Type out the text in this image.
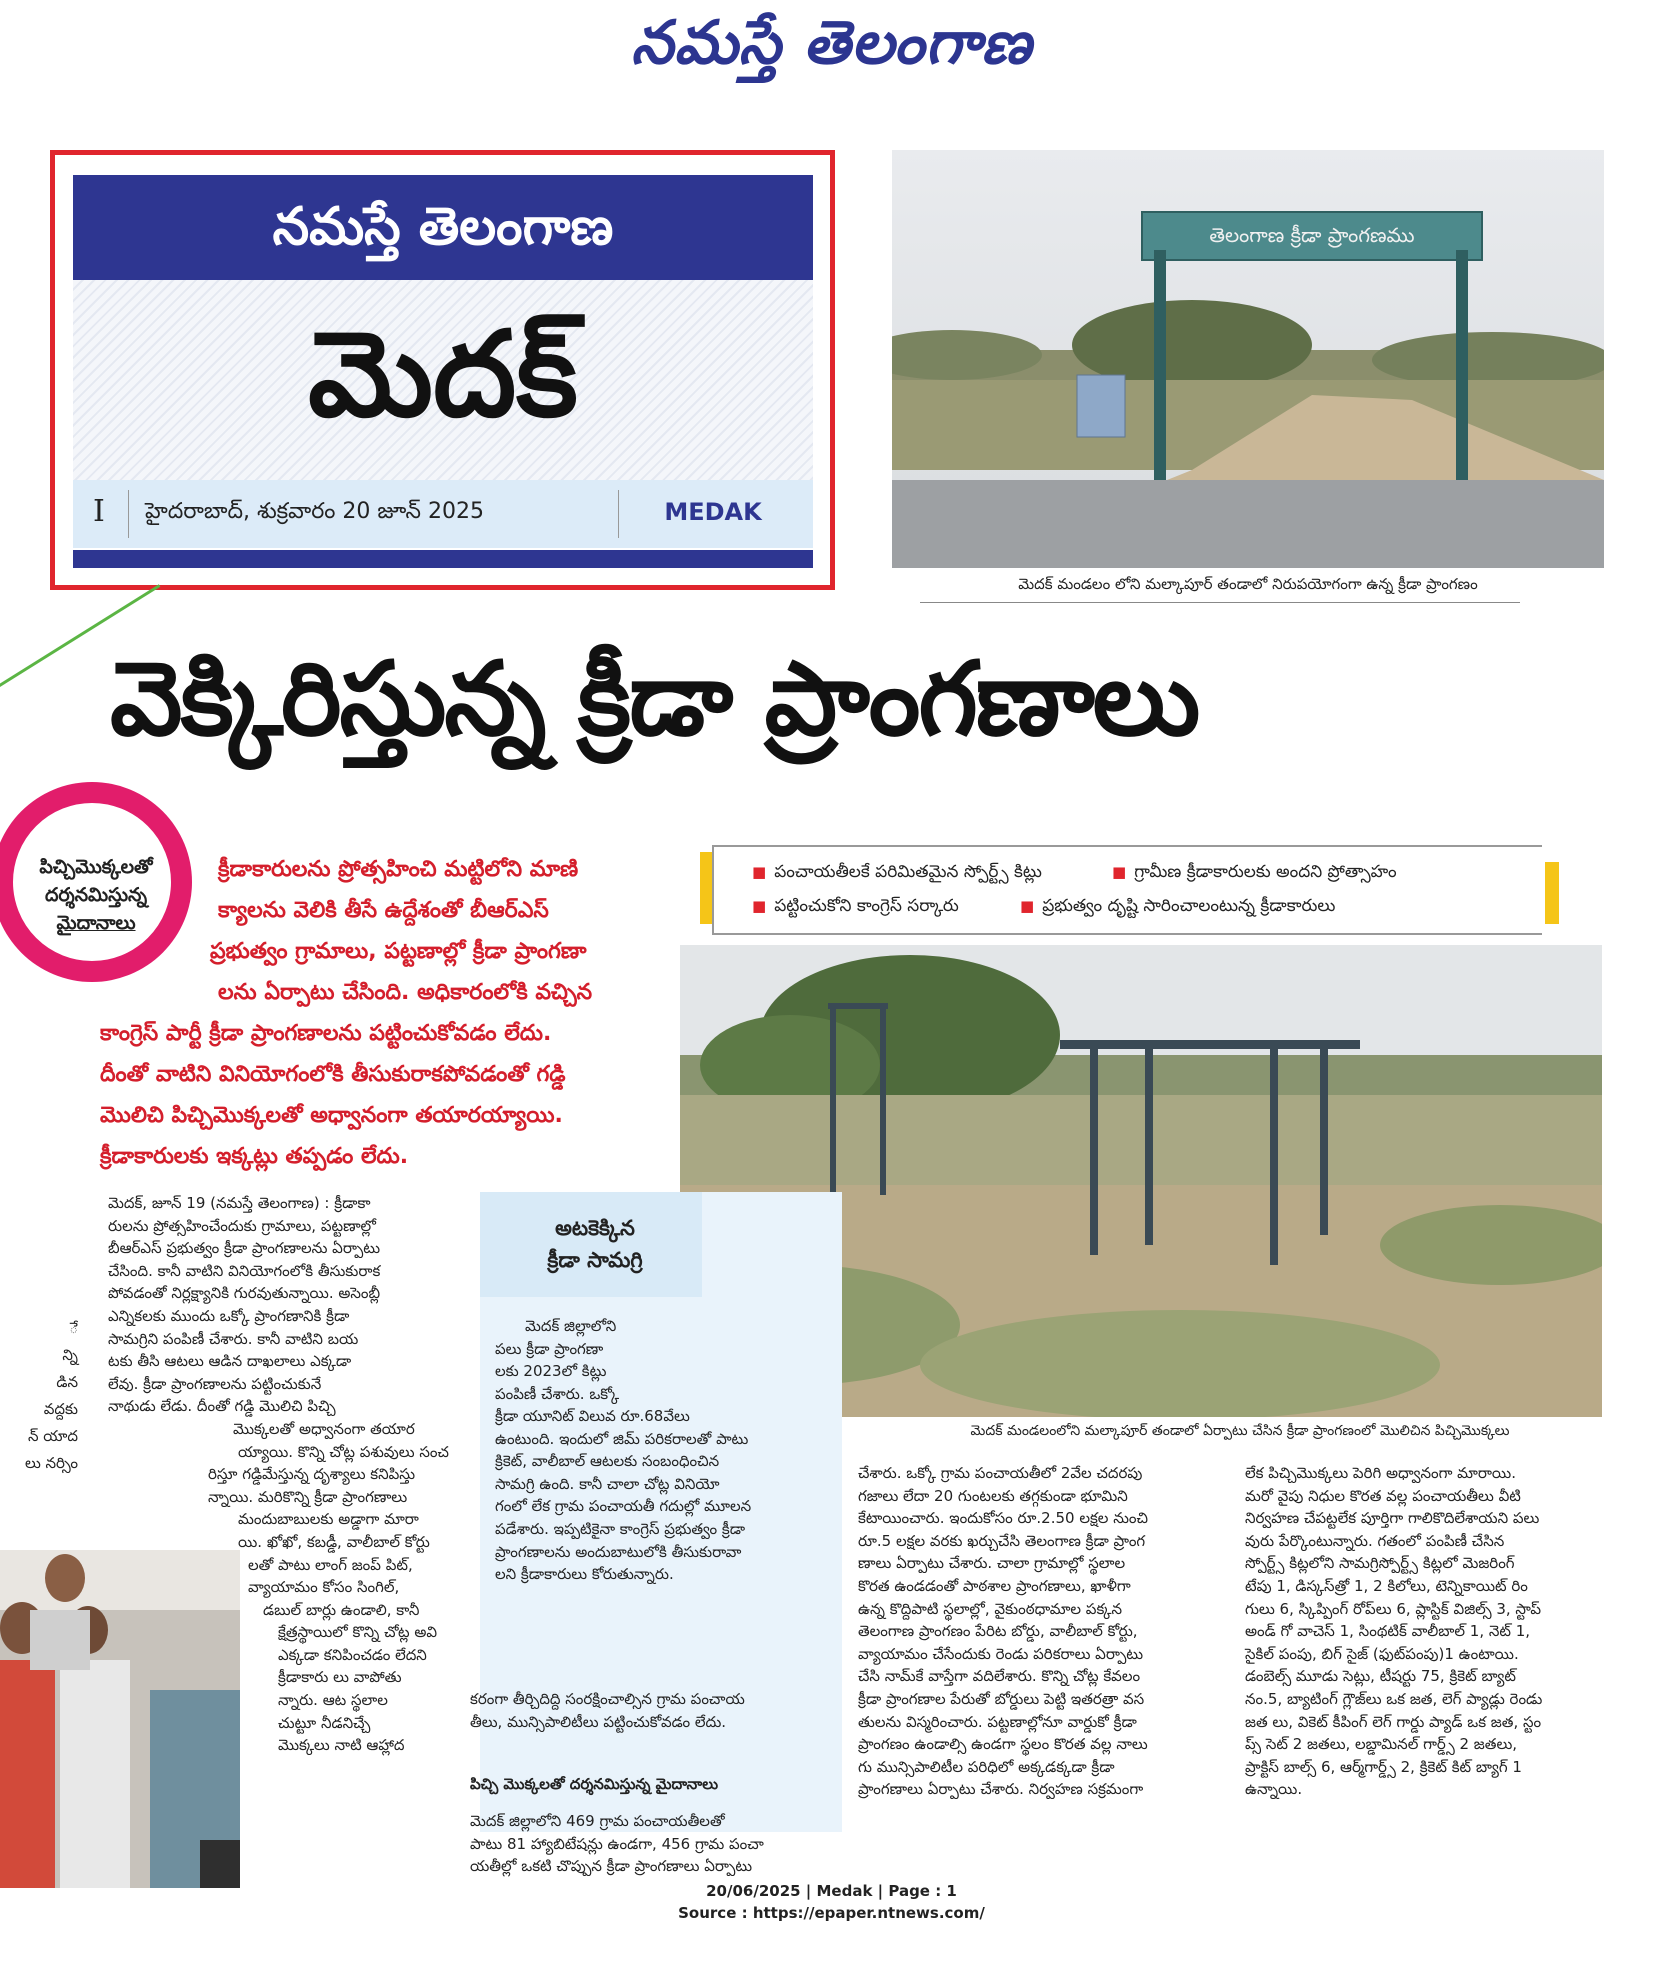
నమస్తే తెలంగాణ
నమస్తే తెలంగాణ
మెదక్
I హైదరాబాద్, శుక్రవారం 20 జూన్ 2025	MEDAK
తెలంగాణ క్రీడా ప్రాంగణము
మెదక్ మండలం లోని మల్కాపూర్ తండాలో నిరుపయోగంగా ఉన్న క్రీడా ప్రాంగణం
వెక్కిరిస్తున్న క్రీడా ప్రాంగణాలు
పిచ్చిమొక్కలతో
దర్శనమిస్తున్న
మైదానాలు
క్రీడాకారులను ప్రోత్సహించి మట్టిలోని మాణి
క్యాలను వెలికి తీసే ఉద్దేశంతో బీఆర్ఎస్
ప్రభుత్వం గ్రామాలు, పట్టణాల్లో క్రీడా ప్రాంగణా
లను ఏర్పాటు చేసింది. అధికారంలోకి వచ్చిన
కాంగ్రెస్ పార్టీ క్రీడా ప్రాంగణాలను పట్టించుకోవడం లేదు.
దీంతో వాటిని వినియోగంలోకి తీసుకురాకపోవడంతో గడ్డి
మొలిచి పిచ్చిమొక్కలతో అధ్వానంగా తయారయ్యాయి.
క్రీడాకారులకు ఇక్కట్లు తప్పడం లేదు.
■ పంచాయతీలకే పరిమితమైన స్పోర్ట్స్ కిట్లు	■ గ్రామీణ క్రీడాకారులకు అందని ప్రోత్సాహం
■ పట్టించుకోని కాంగ్రెస్ సర్కారు	■ ప్రభుత్వం దృష్టి సారించాలంటున్న క్రీడాకారులు
మెదక్ మండలంలోని మల్కాపూర్ తండాలో ఏర్పాటు చేసిన క్రీడా ప్రాంగణంలో మొలిచిన పిచ్చిమొక్కలు
ే
న్ని
డిన
వద్దకు
న్ యాద
లు నర్సిం

మెదక్, జూన్ 19 (నమస్తే తెలంగాణ) : క్రీడాకా

రులను ప్రోత్సహించేందుకు గ్రామాలు, పట్టణాల్లో

బీఆర్ఎస్ ప్రభుత్వం క్రీడా ప్రాంగణాలను ఏర్పాటు

చేసింది. కానీ వాటిని వినియోగంలోకి తీసుకురాక

పోవడంతో నిర్లక్ష్యానికి గురవుతున్నాయి. అసెంబ్లీ

ఎన్నికలకు ముందు ఒక్కో ప్రాంగణానికి క్రీడా

సామగ్రిని పంపిణీ చేశారు. కానీ వాటిని బయ

టకు తీసి ఆటలు ఆడిన దాఖలాలు ఎక్కడా

లేవు. క్రీడా ప్రాంగణాలను పట్టించుకునే

నాథుడు లేడు. దీంతో గడ్డి మొలిచి పిచ్చి

మొక్కలతో అధ్వానంగా తయార

య్యాయి. కొన్ని చోట్ల పశువులు సంచ

రిస్తూ గడ్డిమేస్తున్న దృశ్యాలు కనిపిస్తు

న్నాయి. మరికొన్ని క్రీడా ప్రాంగణాలు

మందుబాబులకు అడ్డాగా మారా

యి. ఖోఖో, కబడ్డీ, వాలీబాల్ కోర్టు

లతో పాటు లాంగ్ జంప్ పిట్,

వ్యాయామం కోసం సింగిల్,

డబుల్ బార్లు ఉండాలి, కానీ

క్షేత్రస్థాయిలో కొన్ని చోట్ల అవి

ఎక్కడా కనిపించడం లేదని

క్రీడాకారు లు వాపోతు

న్నారు. ఆట స్థలాల

చుట్టూ నీడనిచ్చే

మొక్కలు నాటి ఆహ్లాద

అటకెక్కిన
క్రీడా సామగ్రి

మెదక్ జిల్లాలోని

పలు క్రీడా ప్రాంగణా

లకు 2023లో కిట్లు

పంపిణీ చేశారు. ఒక్కో

క్రీడా యూనిట్ విలువ రూ.68వేలు

ఉంటుంది. ఇందులో జిమ్ పరికరాలతో పాటు

క్రికెట్, వాలీబాల్ ఆటలకు సంబంధించిన

సామగ్రి ఉంది. కానీ చాలా చోట్ల వినియో

గంలో లేక గ్రామ పంచాయతీ గదుల్లో మూలన

పడేశారు. ఇప్పటికైనా కాంగ్రెస్ ప్రభుత్వం క్రీడా

ప్రాంగణాలను అందుబాటులోకి తీసుకురావా

లని క్రీడాకారులు కోరుతున్నారు.

కరంగా తీర్చిదిద్ది సంరక్షించాల్సిన గ్రామ పంచాయ

తీలు, మున్సిపాలిటీలు పట్టించుకోవడం లేదు.

పిచ్చి మొక్కలతో దర్శనమిస్తున్న మైదానాలు

మెదక్ జిల్లాలోని 469 గ్రామ పంచాయతీలతో

పాటు 81 హ్యాబిటేషన్లు ఉండగా, 456 గ్రామ పంచా

యతీల్లో ఒకటి చొప్పున క్రీడా ప్రాంగణాలు ఏర్పాటు

చేశారు. ఒక్కో గ్రామ పంచాయతీలో 2వేల చదరపు

గజాలు లేదా 20 గుంటలకు తగ్గకుండా భూమిని

కేటాయించారు. ఇందుకోసం రూ.2.50 లక్షల నుంచి

రూ.5 లక్షల వరకు ఖర్చుచేసి తెలంగాణ క్రీడా ప్రాంగ

ణాలు ఏర్పాటు చేశారు. చాలా గ్రామాల్లో స్థలాల

కొరత ఉండడంతో పాఠశాల ప్రాంగణాలు, ఖాళీగా

ఉన్న కొద్దిపాటి స్థలాల్లో, వైకుంఠధామాల పక్కన

తెలంగాణ ప్రాంగణం పేరిట బోర్డు, వాలీబాల్ కోర్టు,

వ్యాయామం చేసేందుకు రెండు పరికరాలు ఏర్పాటు

చేసి నామ్‌కే వాస్తేగా వదిలేశారు. కొన్ని చోట్ల కేవలం

క్రీడా ప్రాంగణాల పేరుతో బోర్డులు పెట్టి ఇతరత్రా వస

తులను విస్మరించారు. పట్టణాల్లోనూ వార్డుకో క్రీడా

ప్రాంగణం ఉండాల్సి ఉండగా స్థలం కొరత వల్ల నాలు

గు మున్సిపాలిటీల పరిధిలో అక్కడక్కడా క్రీడా

ప్రాంగణాలు ఏర్పాటు చేశారు. నిర్వహణ సక్రమంగా

లేక పిచ్చిమొక్కలు పెరిగి అధ్వానంగా మారాయి.

మరో వైపు నిధుల కొరత వల్ల పంచాయతీలు వీటి

నిర్వహణ చేపట్టలేక పూర్తిగా గాలికొదిలేశాయని పలు

వురు పేర్కొంటున్నారు. గతంలో పంపిణీ చేసిన

స్పోర్ట్స్ కిట్లలోని సామగ్రిస్పోర్ట్స్ కిట్లలో మెజరింగ్

టేపు 1, డిస్కస్‌త్రో 1, 2 కిలోలు, టెన్నికాయిట్ రిం

గులు 6, స్కిప్పింగ్ రోప్‌లు 6, ప్లాస్టిక్ విజిల్స్ 3, స్టాప్

అండ్ గో వాచెస్ 1, సింథటిక్ వాలీబాల్ 1, నెట్ 1,

సైకిల్ పంపు, బిగ్ సైజ్ (ఫుట్‌పంపు)1 ఉంటాయి.

డంబెల్స్ మూడు సెట్లు, టీషర్టు 75, క్రికెట్ బ్యాట్

నం.5, బ్యాటింగ్ గ్లౌజ్‌లు ఒక జత, లెగ్ ప్యాడ్లు రెండు

జత లు, వికెట్ కీపింగ్ లెగ్ గార్డు ప్యాడ్ ఒక జత, స్టం

ప్స్ సెట్ 2 జతలు, లబ్డామినల్ గార్డ్స్ 2 జతలు,

ప్రాక్టిస్ బాల్స్ 6, ఆర్మ్‌గార్డ్స్ 2, క్రికెట్ కిట్ బ్యాగ్ 1

ఉన్నాయి.

20/06/2025 | Medak | Page : 1
Source : https://epaper.ntnews.com/
